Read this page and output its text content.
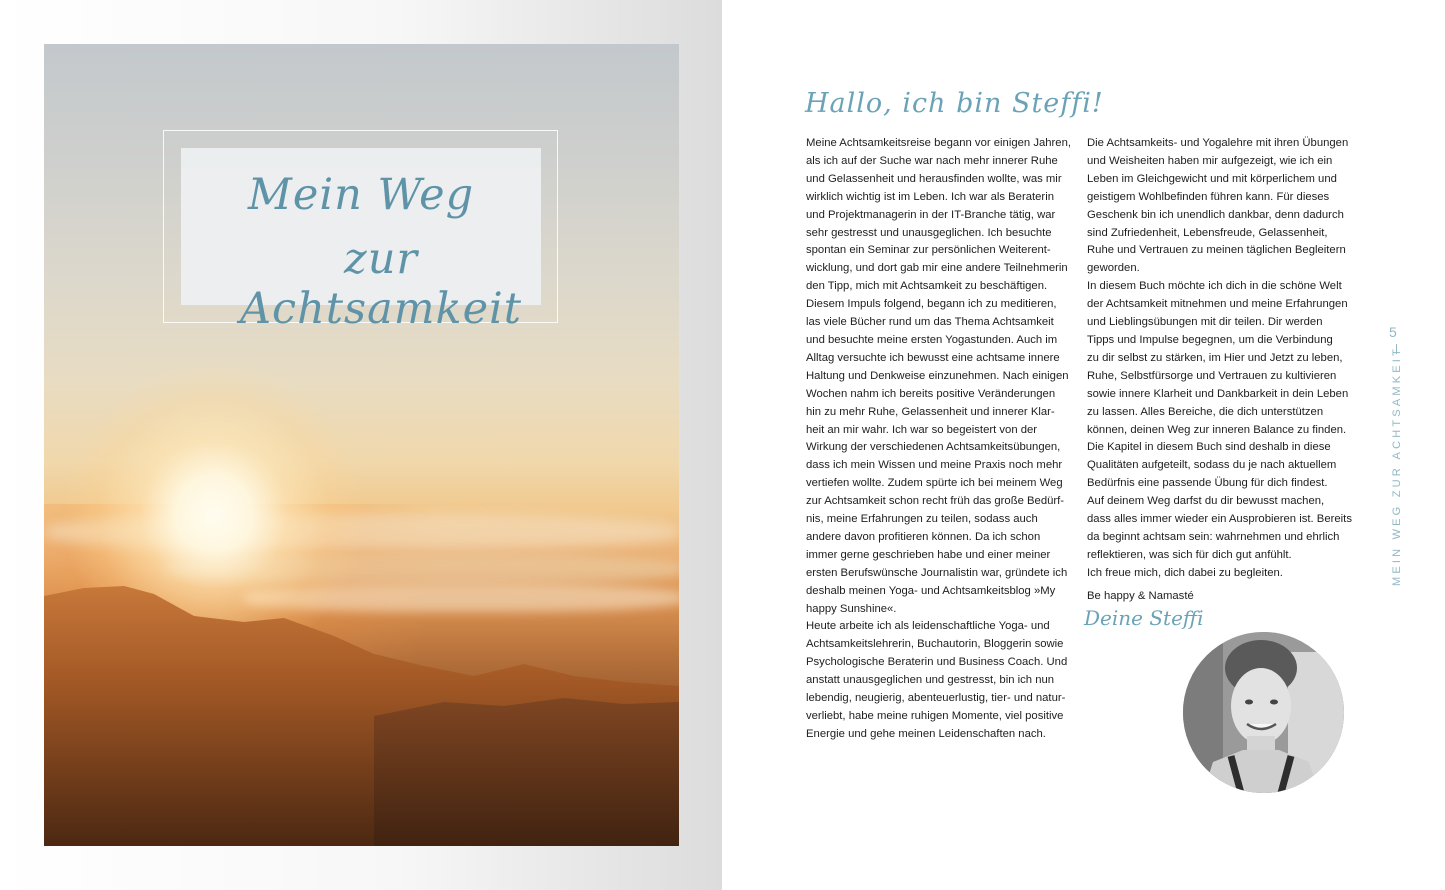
Mein Weg
zur Achtsamkeit
Hallo, ich bin Steffi!

Meine Achtsamkeitsreise begann vor einigen Jahren,

als ich auf der Suche war nach mehr innerer Ruhe

und Gelassenheit und herausfinden wollte, was mir

wirklich wichtig ist im Leben. Ich war als Beraterin

und Projektmanagerin in der IT-Branche tätig, war

sehr gestresst und unausgeglichen. Ich besuchte

spontan ein Seminar zur persönlichen Weiterent-

wicklung, und dort gab mir eine andere Teilnehmerin

den Tipp, mich mit Achtsamkeit zu beschäftigen.

Diesem Impuls folgend, begann ich zu meditieren,

las viele Bücher rund um das Thema Achtsamkeit

und besuchte meine ersten Yogastunden. Auch im

Alltag versuchte ich bewusst eine achtsame innere

Haltung und Denkweise einzunehmen. Nach einigen

Wochen nahm ich bereits positive Veränderungen

hin zu mehr Ruhe, Gelassenheit und innerer Klar-

heit an mir wahr. Ich war so begeistert von der

Wirkung der verschiedenen Achtsamkeitsübungen,

dass ich mein Wissen und meine Praxis noch mehr

vertiefen wollte. Zudem spürte ich bei meinem Weg

zur Achtsamkeit schon recht früh das große Bedürf-

nis, meine Erfahrungen zu teilen, sodass auch

andere davon profitieren können. Da ich schon

immer gerne geschrieben habe und einer meiner

ersten Berufswünsche Journalistin war, gründete ich

deshalb meinen Yoga- und Achtsamkeitsblog »My

happy Sunshine«.

Heute arbeite ich als leidenschaftliche Yoga- und

Achtsamkeitslehrerin, Buchautorin, Bloggerin sowie

Psychologische Beraterin und Business Coach. Und

anstatt unausgeglichen und gestresst, bin ich nun

lebendig, neugierig, abenteuerlustig, tier- und natur-

verliebt, habe meine ruhigen Momente, viel positive

Energie und gehe meinen Leidenschaften nach.

Die Achtsamkeits- und Yogalehre mit ihren Übungen

und Weisheiten haben mir aufgezeigt, wie ich ein

Leben im Gleichgewicht und mit körperlichem und

geistigem Wohlbefinden führen kann. Für dieses

Geschenk bin ich unendlich dankbar, denn dadurch

sind Zufriedenheit, Lebensfreude, Gelassenheit,

Ruhe und Vertrauen zu meinen täglichen Begleitern

geworden.

In diesem Buch möchte ich dich in die schöne Welt

der Achtsamkeit mitnehmen und meine Erfahrungen

und Lieblingsübungen mit dir teilen. Dir werden

Tipps und Impulse begegnen, um die Verbindung

zu dir selbst zu stärken, im Hier und Jetzt zu leben,

Ruhe, Selbstfürsorge und Vertrauen zu kultivieren

sowie innere Klarheit und Dankbarkeit in dein Leben

zu lassen. Alles Bereiche, die dich unterstützen

können, deinen Weg zur inneren Balance zu finden.

Die Kapitel in diesem Buch sind deshalb in diese

Qualitäten aufgeteilt, sodass du je nach aktuellem

Bedürfnis eine passende Übung für dich findest.

Auf deinem Weg darfst du dir bewusst machen,

dass alles immer wieder ein Ausprobieren ist. Bereits

da beginnt achtsam sein: wahrnehmen und ehrlich

reflektieren, was sich für dich gut anfühlt.

Ich freue mich, dich dabei zu begleiten.

Be happy & Namasté
Deine Steffi
5
MEIN WEG ZUR ACHTSAMKEIT
